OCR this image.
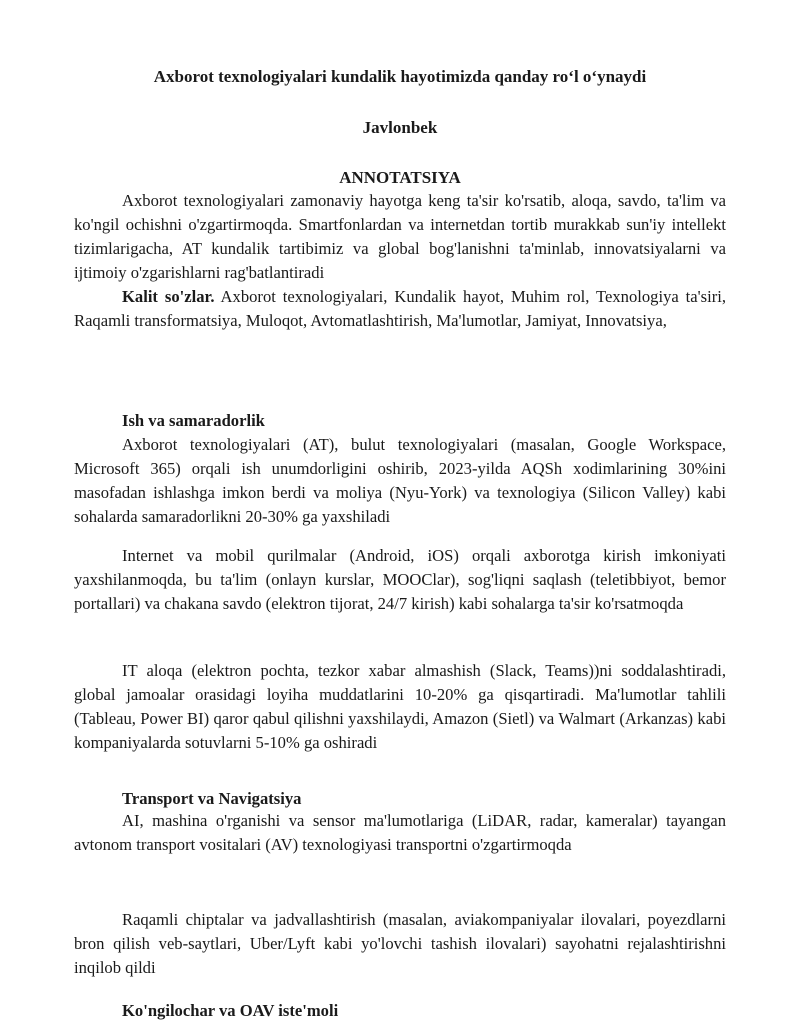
Axborot texnologiyalari kundalik hayotimizda qanday ro‘l o‘ynaydi
Javlonbek
ANNOTATSIYA

Axborot texnologiyalari zamonaviy hayotga keng ta'sir ko'rsatib, aloqa, savdo, ta'lim va ko'ngil ochishni o'zgartirmoqda. Smartfonlardan va internetdan tortib murakkab sun'iy intellekt tizimlarigacha, AT kundalik tartibimiz va global bog'lanishni ta'minlab, innovatsiyalarni va ijtimoiy o'zgarishlarni rag'batlantiradi

Kalit so'zlar. Axborot texnologiyalari, Kundalik hayot, Muhim rol, Texnologiya ta'siri, Raqamli transformatsiya, Muloqot, Avtomatlashtirish, Ma'lumotlar, Jamiyat, Innovatsiya,

Ish va samaradorlik

Axborot texnologiyalari (AT), bulut texnologiyalari (masalan, Google Workspace, Microsoft 365) orqali ish unumdorligini oshirib, 2023-yilda AQSh xodimlarining 30%ini masofadan ishlashga imkon berdi va moliya (Nyu-York) va texnologiya (Silicon Valley) kabi sohalarda samaradorlikni 20-30% ga yaxshiladi

Internet va mobil qurilmalar (Android, iOS) orqali axborotga kirish imkoniyati yaxshilanmoqda, bu ta'lim (onlayn kurslar, MOOClar), sog'liqni saqlash (teletibbiyot, bemor portallari) va chakana savdo (elektron tijorat, 24/7 kirish) kabi sohalarga ta'sir ko'rsatmoqda

IT aloqa (elektron pochta, tezkor xabar almashish (Slack, Teams))ni soddalashtiradi, global jamoalar orasidagi loyiha muddatlarini 10-20% ga qisqartiradi. Ma'lumotlar tahlili (Tableau, Power BI) qaror qabul qilishni yaxshilaydi, Amazon (Sietl) va Walmart (Arkanzas) kabi kompaniyalarda sotuvlarni 5-10% ga oshiradi

Transport va Navigatsiya

AI, mashina o'rganishi va sensor ma'lumotlariga (LiDAR, radar, kameralar) tayangan avtonom transport vositalari (AV) texnologiyasi transportni o'zgartirmoqda

Raqamli chiptalar va jadvallashtirish (masalan, aviakompaniyalar ilovalari, poyezdlarni bron qilish veb-saytlari, Uber/Lyft kabi yo'lovchi tashish ilovalari) sayohatni rejalashtirishni inqilob qildi

Ko'ngilochar va OAV iste'moli
